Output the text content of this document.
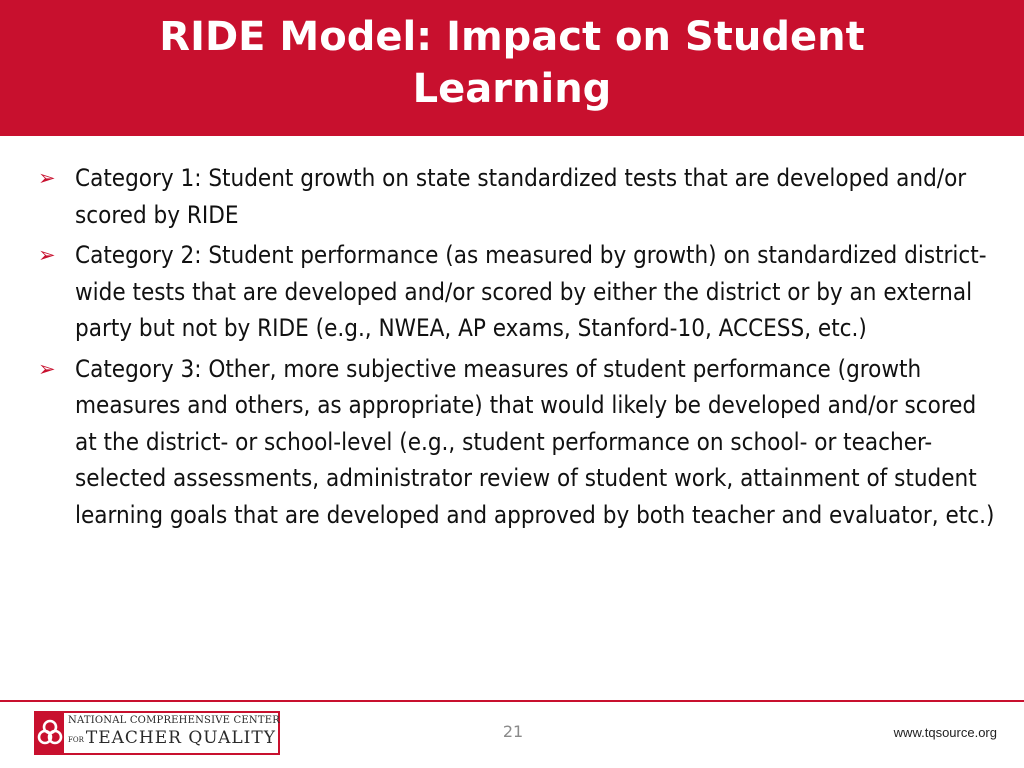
RIDE Model: Impact on Student Learning
➢ Category 1: Student growth on state standardized tests that are developed and/or scored by RIDE
➢ Category 2: Student performance (as measured by growth) on standardized district-wide tests that are developed and/or scored by either the district or by an external party but not by RIDE (e.g., NWEA, AP exams, Stanford-10, ACCESS, etc.)
➢ Category 3: Other, more subjective measures of student performance (growth measures and others, as appropriate) that would likely be developed and/or scored at the district- or school-level (e.g., student performance on school- or teacher-selected assessments, administrator review of student work, attainment of student learning goals that are developed and approved by both teacher and evaluator, etc.)
NATIONAL COMPREHENSIVE CENTER
FOR TEACHER QUALITY	21	www.tqsource.org
